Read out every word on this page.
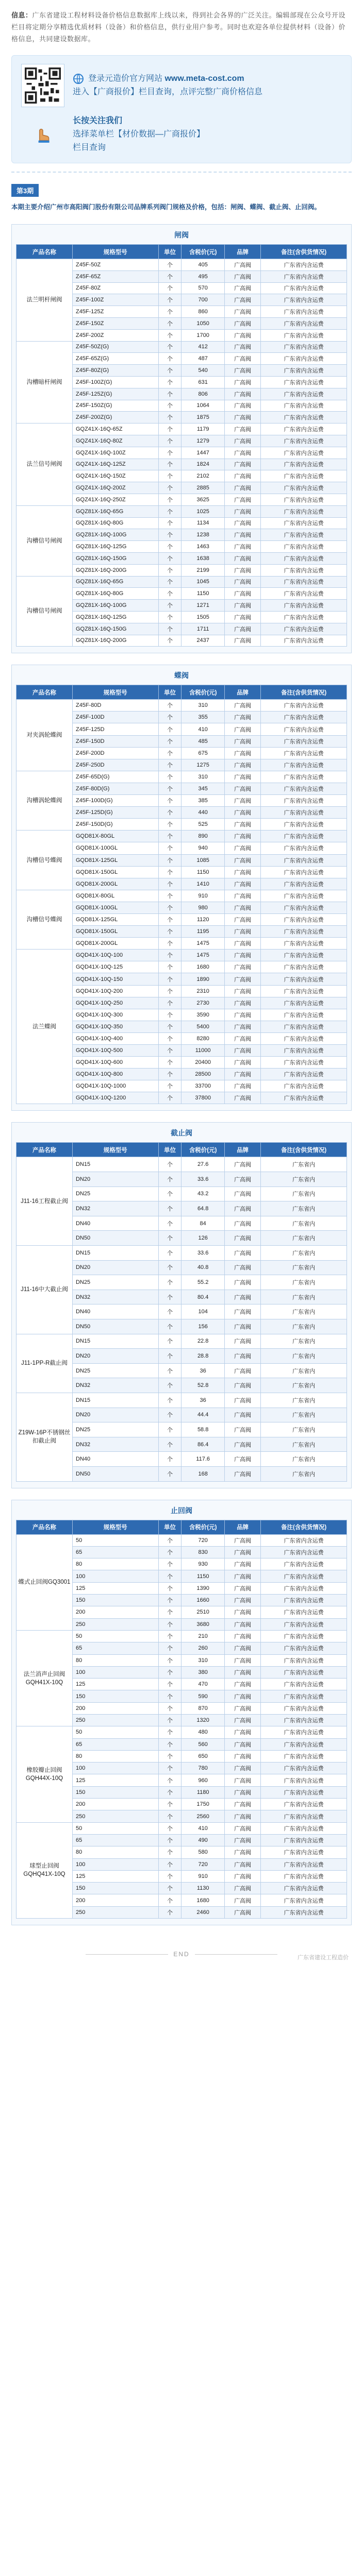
信息：广东省建设工程材料设备价格信息数据库上线以来，得到社会各界的广泛关注。编辑部现在公众号开设栏目将定期分享精选优质材料（设备）和价格信息，供行业用户参考。同时也欢迎各单位提供材料（设备）价格信息，共同建设数据库。
登录元造价官方网站
www.meta-cost.com
进入【广商报价】栏目查询，点评完整广商价格信息
长按关注我们
选择菜单栏【材价数据—广商报价】
栏目查询
第3期
本期主要介绍广州市高阳阀门股份有限公司品牌系列阀门规格及价格，包括：闸阀、蝶阀、截止阀、止回阀。
闸阀
产品名称	规格型号	单位	含税价(元)	品牌	备注(含供货情况)
法兰明杆闸阀	Z45F-50Z	个	405	广高阀	广东省内含运费
	Z45F-65Z	个	495	广高阀	广东省内含运费
	Z45F-80Z	个	570	广高阀	广东省内含运费
	Z45F-100Z	个	700	广高阀	广东省内含运费
	Z45F-125Z	个	860	广高阀	广东省内含运费
	Z45F-150Z	个	1050	广高阀	广东省内含运费
	Z45F-200Z	个	1700	广高阀	广东省内含运费
沟槽暗杆闸阀	Z45F-50Z(G)	个	412	广高阀	广东省内含运费
	Z45F-65Z(G)	个	487	广高阀	广东省内含运费
	Z45F-80Z(G)	个	540	广高阀	广东省内含运费
	Z45F-100Z(G)	个	631	广高阀	广东省内含运费
	Z45F-125Z(G)	个	806	广高阀	广东省内含运费
	Z45F-150Z(G)	个	1064	广高阀	广东省内含运费
	Z45F-200Z(G)	个	1875	广高阀	广东省内含运费
法兰信号闸阀	GQZ41X-16Q-65Z	个	1179	广高阀	广东省内含运费
	GQZ41X-16Q-80Z	个	1279	广高阀	广东省内含运费
	GQZ41X-16Q-100Z	个	1447	广高阀	广东省内含运费
	GQZ41X-16Q-125Z	个	1824	广高阀	广东省内含运费
	GQZ41X-16Q-150Z	个	2102	广高阀	广东省内含运费
	GQZ41X-16Q-200Z	个	2885	广高阀	广东省内含运费
	GQZ41X-16Q-250Z	个	3625	广高阀	广东省内含运费
沟槽信号闸阀	GQZ81X-16Q-65G	个	1025	广高阀	广东省内含运费
	GQZ81X-16Q-80G	个	1134	广高阀	广东省内含运费
	GQZ81X-16Q-100G	个	1238	广高阀	广东省内含运费
	GQZ81X-16Q-125G	个	1463	广高阀	广东省内含运费
	GQZ81X-16Q-150G	个	1638	广高阀	广东省内含运费
	GQZ81X-16Q-200G	个	2199	广高阀	广东省内含运费
沟槽信号闸阀	GQZ81X-16Q-65G	个	1045	广高阀	广东省内含运费
	GQZ81X-16Q-80G	个	1150	广高阀	广东省内含运费
	GQZ81X-16Q-100G	个	1271	广高阀	广东省内含运费
	GQZ81X-16Q-125G	个	1505	广高阀	广东省内含运费
	GQZ81X-16Q-150G	个	1711	广高阀	广东省内含运费
	GQZ81X-16Q-200G	个	2437	广高阀	广东省内含运费
蝶阀
产品名称	规格型号	单位	含税价(元)	品牌	备注(含供货情况)
对夹涡轮蝶阀	Z45F-80D	个	310	广高阀	广东省内含运费
	Z45F-100D	个	355	广高阀	广东省内含运费
	Z45F-125D	个	410	广高阀	广东省内含运费
	Z45F-150D	个	485	广高阀	广东省内含运费
	Z45F-200D	个	675	广高阀	广东省内含运费
	Z45F-250D	个	1275	广高阀	广东省内含运费
沟槽涡轮蝶阀	Z45F-65D(G)	个	310	广高阀	广东省内含运费
	Z45F-80D(G)	个	345	广高阀	广东省内含运费
	Z45F-100D(G)	个	385	广高阀	广东省内含运费
	Z45F-125D(G)	个	440	广高阀	广东省内含运费
	Z45F-150D(G)	个	525	广高阀	广东省内含运费
沟槽信号蝶阀	GQD81X-80GL	个	890	广高阀	广东省内含运费
	GQD81X-100GL	个	940	广高阀	广东省内含运费
	GQD81X-125GL	个	1085	广高阀	广东省内含运费
	GQD81X-150GL	个	1150	广高阀	广东省内含运费
	GQD81X-200GL	个	1410	广高阀	广东省内含运费
沟槽信号蝶阀	GQD81X-80GL	个	910	广高阀	广东省内含运费
	GQD81X-100GL	个	980	广高阀	广东省内含运费
	GQD81X-125GL	个	1120	广高阀	广东省内含运费
	GQD81X-150GL	个	1195	广高阀	广东省内含运费
	GQD81X-200GL	个	1475	广高阀	广东省内含运费
法兰蝶阀	GQD41X-10Q-100	个	1475	广高阀	广东省内含运费
	GQD41X-10Q-125	个	1680	广高阀	广东省内含运费
	GQD41X-10Q-150	个	1890	广高阀	广东省内含运费
	GQD41X-10Q-200	个	2310	广高阀	广东省内含运费
	GQD41X-10Q-250	个	2730	广高阀	广东省内含运费
	GQD41X-10Q-300	个	3590	广高阀	广东省内含运费
	GQD41X-10Q-350	个	5400	广高阀	广东省内含运费
	GQD41X-10Q-400	个	8280	广高阀	广东省内含运费
	GQD41X-10Q-500	个	11000	广高阀	广东省内含运费
	GQD41X-10Q-600	个	20400	广高阀	广东省内含运费
	GQD41X-10Q-800	个	28500	广高阀	广东省内含运费
	GQD41X-10Q-1000	个	33700	广高阀	广东省内含运费
	GQD41X-10Q-1200	个	37800	广高阀	广东省内含运费
截止阀
产品名称	规格型号	单位	含税价(元)	品牌	备注(含供货情况)
J11-16工程截止阀	DN15	个	27.6	广高阀	广东省内
	DN20	个	33.6	广高阀	广东省内
	DN25	个	43.2	广高阀	广东省内
	DN32	个	64.8	广高阀	广东省内
	DN40	个	84	广高阀	广东省内
	DN50	个	126	广高阀	广东省内
J11-16中大截止阀	DN15	个	33.6	广高阀	广东省内
	DN20	个	40.8	广高阀	广东省内
	DN25	个	55.2	广高阀	广东省内
	DN32	个	80.4	广高阀	广东省内
	DN40	个	104	广高阀	广东省内
	DN50	个	156	广高阀	广东省内
J11-1PP-R截止阀	DN15	个	22.8	广高阀	广东省内
	DN20	个	28.8	广高阀	广东省内
	DN25	个	36	广高阀	广东省内
	DN32	个	52.8	广高阀	广东省内
Z19W-16P不锈钢丝扣截止阀	DN15	个	36	广高阀	广东省内
	DN20	个	44.4	广高阀	广东省内
	DN25	个	58.8	广高阀	广东省内
	DN32	个	86.4	广高阀	广东省内
	DN40	个	117.6	广高阀	广东省内
	DN50	个	168	广高阀	广东省内
止回阀
产品名称	规格型号	单位	含税价(元)	品牌	备注(含供货情况)
蝶式止回阀GQ3001	50	个	720	广高阀	广东省内含运费
	65	个	830	广高阀	广东省内含运费
	80	个	930	广高阀	广东省内含运费
	100	个	1150	广高阀	广东省内含运费
	125	个	1390	广高阀	广东省内含运费
	150	个	1660	广高阀	广东省内含运费
	200	个	2510	广高阀	广东省内含运费
	250	个	3680	广高阀	广东省内含运费
法兰消声止回阀GQH41X-10Q	50	个	210	广高阀	广东省内含运费
	65	个	260	广高阀	广东省内含运费
	80	个	310	广高阀	广东省内含运费
	100	个	380	广高阀	广东省内含运费
	125	个	470	广高阀	广东省内含运费
	150	个	590	广高阀	广东省内含运费
	200	个	870	广高阀	广东省内含运费
	250	个	1320	广高阀	广东省内含运费
橡胶瓣止回阀GQH44X-10Q	50	个	480	广高阀	广东省内含运费
	65	个	560	广高阀	广东省内含运费
	80	个	650	广高阀	广东省内含运费
	100	个	780	广高阀	广东省内含运费
	125	个	960	广高阀	广东省内含运费
	150	个	1180	广高阀	广东省内含运费
	200	个	1750	广高阀	广东省内含运费
	250	个	2560	广高阀	广东省内含运费
球型止回阀GQHQ41X-10Q	50	个	410	广高阀	广东省内含运费
	65	个	490	广高阀	广东省内含运费
	80	个	580	广高阀	广东省内含运费
	100	个	720	广高阀	广东省内含运费
	125	个	910	广高阀	广东省内含运费
	150	个	1130	广高阀	广东省内含运费
	200	个	1680	广高阀	广东省内含运费
	250	个	2460	广高阀	广东省内含运费
END	广东省建设工程造价
